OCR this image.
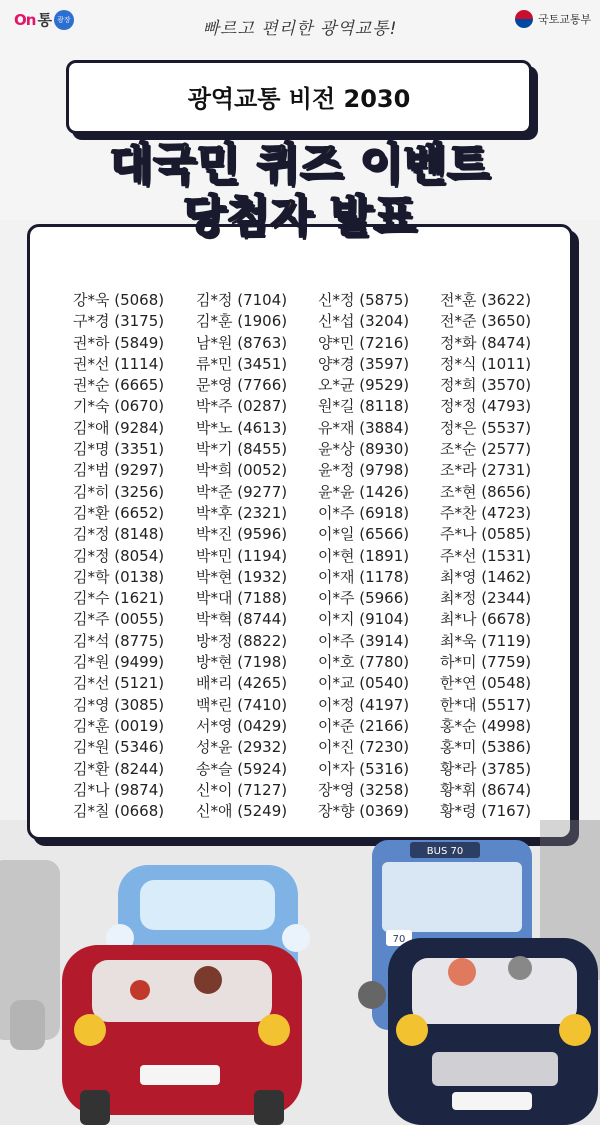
On 통 광장	빠르고 편리한 광역교통!	국토교통부
광역교통 비전 2030
대국민 퀴즈 이벤트
강*욱 (5068)
구*경 (3175)
권*하 (5849)
권*선 (1114)
권*순 (6665)
기*숙 (0670)
김*애 (9284)
김*명 (3351)
김*범 (9297)
김*히 (3256)
김*환 (6652)
김*정 (8148)
김*정 (8054)
김*학 (0138)
김*수 (1621)
김*주 (0055)
김*석 (8775)
김*원 (9499)
김*선 (5121)
김*영 (3085)
김*훈 (0019)
김*원 (5346)
김*환 (8244)
김*나 (9874)
김*칠 (0668)
김*정 (7104)
김*훈 (1906)
남*원 (8763)
류*민 (3451)
문*영 (7766)
박*주 (0287)
박*노 (4613)
박*기 (8455)
박*희 (0052)
박*준 (9277)
박*후 (2321)
박*진 (9596)
박*민 (1194)
박*현 (1932)
박*대 (7188)
박*혁 (8744)
방*정 (8822)
방*현 (7198)
배*리 (4265)
백*린 (7410)
서*영 (0429)
성*윤 (2932)
송*슬 (5924)
신*이 (7127)
신*애 (5249)
신*정 (5875)
신*섭 (3204)
양*민 (7216)
양*경 (3597)
오*균 (9529)
원*길 (8118)
유*재 (3884)
윤*상 (8930)
윤*정 (9798)
윤*윤 (1426)
이*주 (6918)
이*일 (6566)
이*현 (1891)
이*재 (1178)
이*주 (5966)
이*지 (9104)
이*주 (3914)
이*호 (7780)
이*교 (0540)
이*정 (4197)
이*준 (2166)
이*진 (7230)
이*자 (5316)
장*영 (3258)
장*향 (0369)
전*훈 (3622)
전*준 (3650)
정*화 (8474)
정*식 (1011)
정*희 (3570)
정*정 (4793)
정*은 (5537)
조*순 (2577)
조*라 (2731)
조*현 (8656)
주*찬 (4723)
주*나 (0585)
주*선 (1531)
최*영 (1462)
최*정 (2344)
최*나 (6678)
최*욱 (7119)
하*미 (7759)
한*연 (0548)
한*대 (5517)
홍*순 (4998)
홍*미 (5386)
황*라 (3785)
황*휘 (8674)
황*령 (7167)
당첨자 발표
BUS 70
70
